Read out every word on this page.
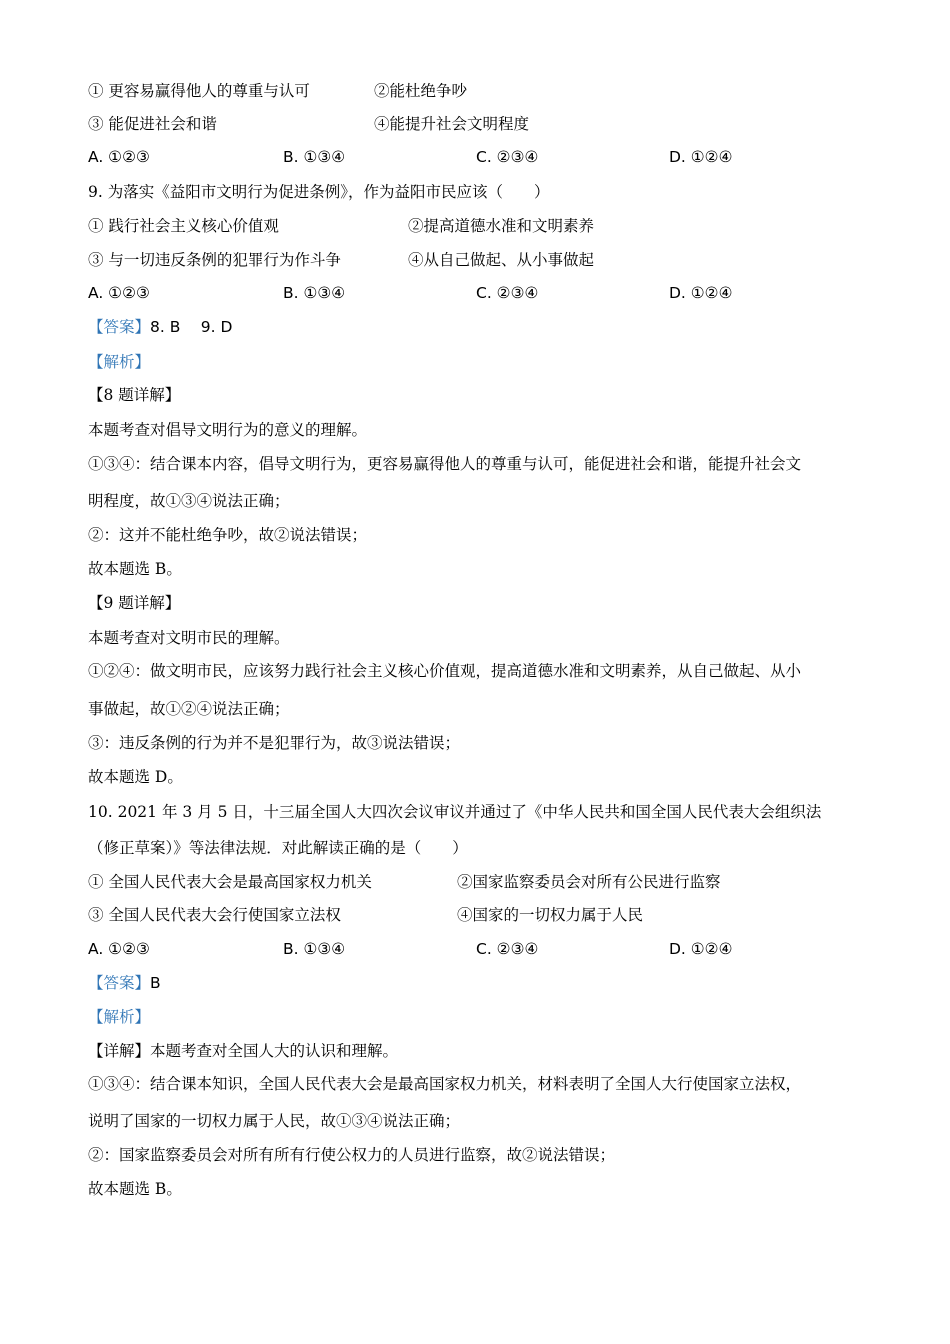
① 更容易赢得他人的尊重与认可	②能杜绝争吵
③ 能促进社会和谐	④能提升社会文明程度
A. ①②③	B. ①③④	C. ②③④	D. ①②④
9. 为落实《益阳市文明行为促进条例》，作为益阳市民应该（　　）
① 践行社会主义核心价值观	②提高道德水准和文明素养
③ 与一切违反条例的犯罪行为作斗争	④从自己做起、从小事做起
A. ①②③	B. ①③④	C. ②③④	D. ①②④
【答案】8. B　 9. D
【解析】
【8 题详解】
本题考查对倡导文明行为的意义的理解。
①③④：结合课本内容，倡导文明行为，更容易赢得他人的尊重与认可，能促进社会和谐，能提升社会文
明程度，故①③④说法正确；
②：这并不能杜绝争吵，故②说法错误；
故本题选 B。
【9 题详解】
本题考查对文明市民的理解。
①②④：做文明市民，应该努力践行社会主义核心价值观，提高道德水准和文明素养，从自己做起、从小
事做起，故①②④说法正确；
③：违反条例的行为并不是犯罪行为，故③说法错误；
故本题选 D。
10. 2021 年 3 月 5 日，十三届全国人大四次会议审议并通过了《中华人民共和国全国人民代表大会组织法
（修正草案）》等法律法规．对此解读正确的是（　　）
① 全国人民代表大会是最高国家权力机关	②国家监察委员会对所有公民进行监察
③ 全国人民代表大会行使国家立法权	④国家的一切权力属于人民
A. ①②③	B. ①③④	C. ②③④	D. ①②④
【答案】B
【解析】
【详解】本题考查对全国人大的认识和理解。
①③④：结合课本知识，全国人民代表大会是最高国家权力机关，材料表明了全国人大行使国家立法权，
说明了国家的一切权力属于人民，故①③④说法正确；
②：国家监察委员会对所有所有行使公权力的人员进行监察，故②说法错误；
故本题选 B。
